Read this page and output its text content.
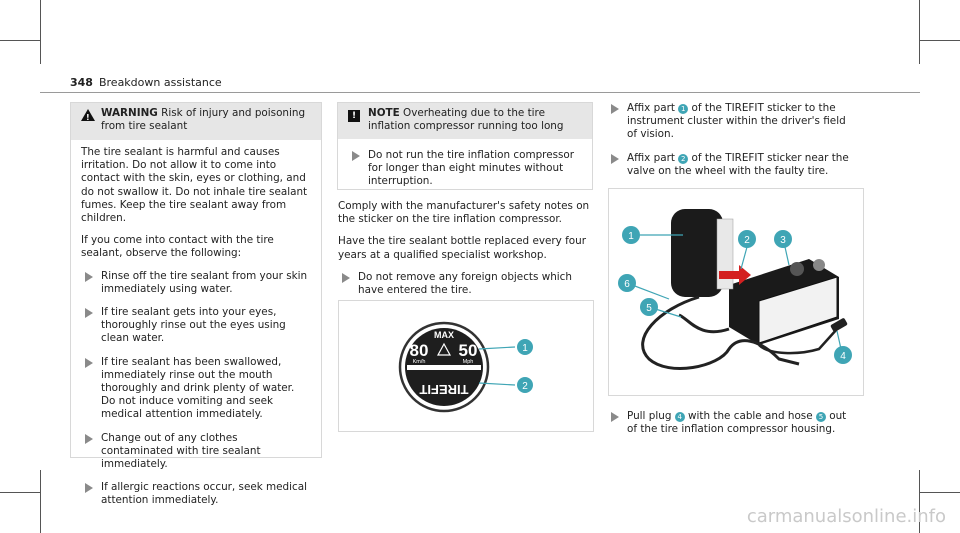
348 Breakdown assistance
! WARNING Risk of injury and poisoning from tire sealant

The tire sealant is harmful and causes irritation. Do not allow it to come into contact with the skin, eyes or clothing, and do not swallow it. Do not inhale tire sealant fumes. Keep the tire sealant away from children.

If you come into contact with the tire sealant, observe the following:

Rinse off the tire sealant from your skin immediately using water.
If tire sealant gets into your eyes, thoroughly rinse out the eyes using clean water.
If tire sealant has been swallowed, immediately rinse out the mouth thoroughly and drink plenty of water. Do not induce vomiting and seek medical attention immediately.
Change out of any clothes contaminated with tire sealant immediately.
If allergic reactions occur, seek medical attention immediately.
!	NOTE Overheating due to the tire inflation compressor running too long
Do not run the tire inflation compressor for longer than eight minutes without interruption.

Comply with the manufacturer's safety notes on the sticker on the tire inflation compressor.

Have the tire sealant bottle replaced every four years at a qualified specialist workshop.

Do not remove any foreign objects which have entered the tire.
MAX
80 50
Km/h	Mph
TIREFIT
1
2
Affix part 1 of the TIREFIT sticker to the instrument cluster within the driver's field of vision.
Affix part 2 of the TIREFIT sticker near the valve on the wheel with the faulty tire.
1	2	3
4
5
6
Pull plug 4 with the cable and hose 5 out of the tire inflation compressor housing.
carmanualsonline.info
